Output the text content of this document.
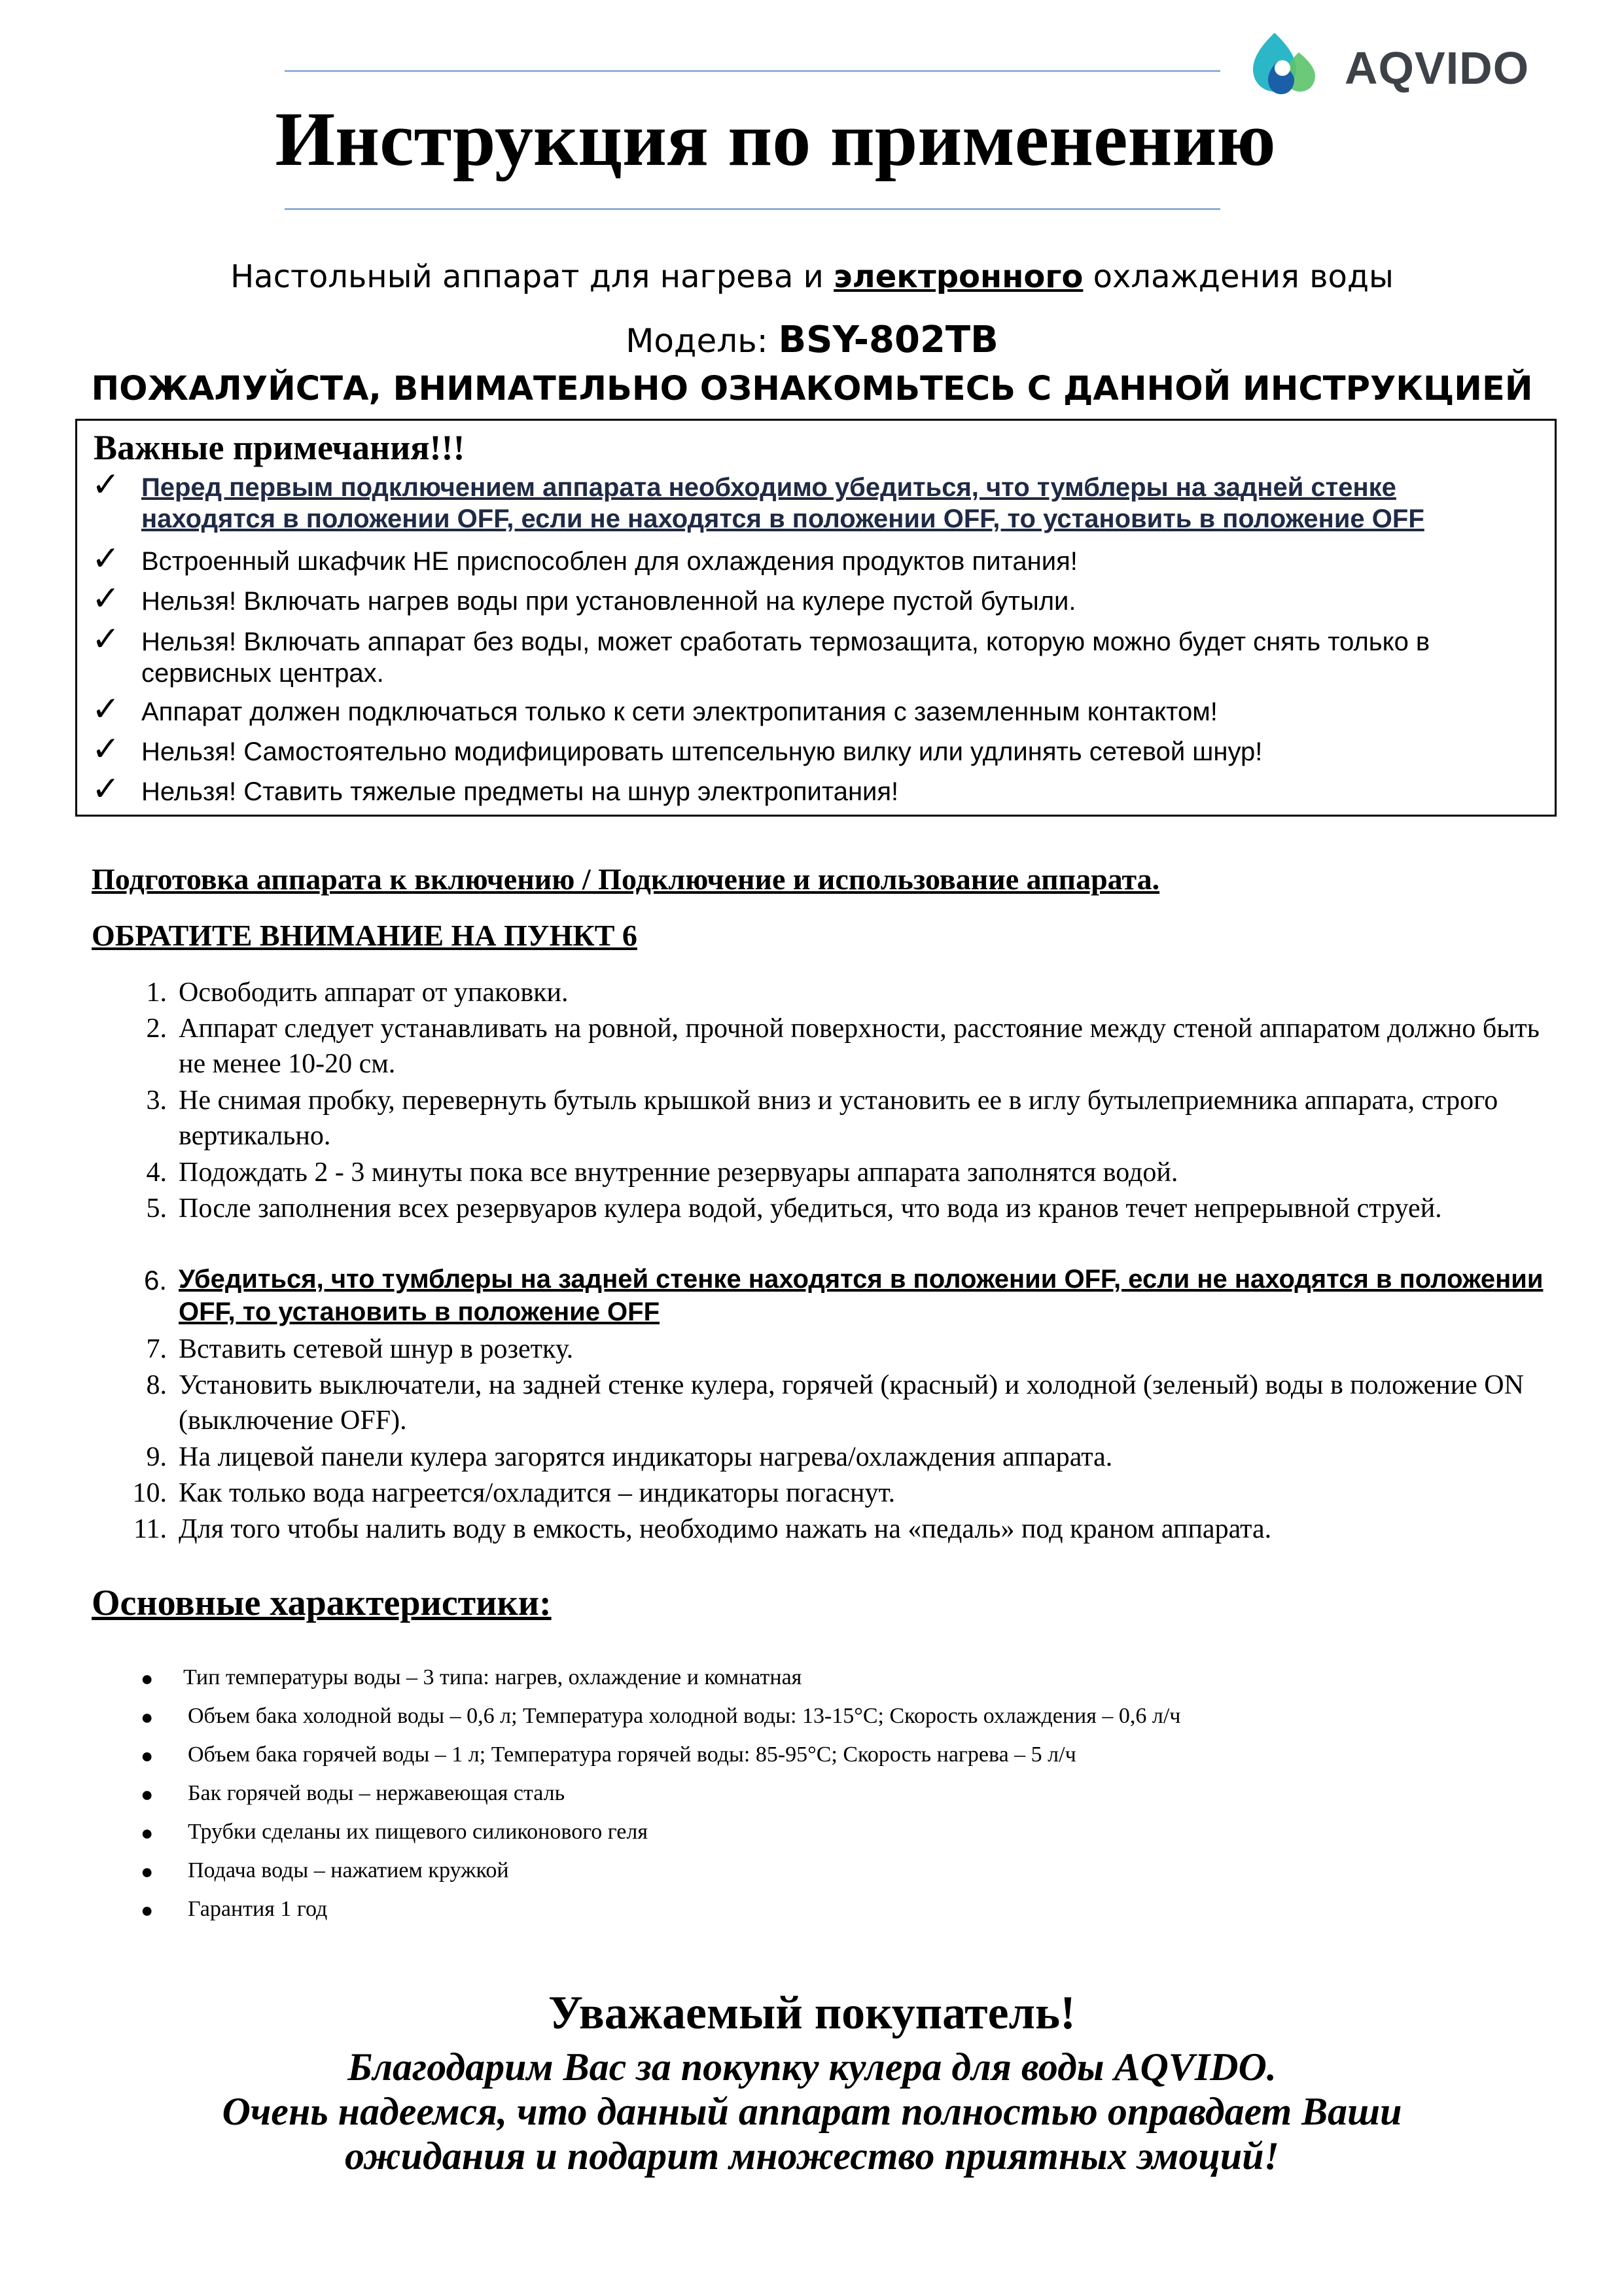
AQVIDO
Инструкция по применению
Настольный аппарат для нагрева и электронного охлаждения воды
Модель: BSY-802TB
ПОЖАЛУЙСТА, ВНИМАТЕЛЬНО ОЗНАКОМЬТЕСЬ С ДАННОЙ ИНСТРУКЦИЕЙ
Важные примечания!!!
✓ Перед первым подключением аппарата необходимо убедиться, что тумблеры на задней стенке находятся в положении OFF, если не находятся в положении OFF, то установить в положение OFF
✓ Встроенный шкафчик НЕ приспособлен для охлаждения продуктов питания!
✓ Нельзя! Включать нагрев воды при установленной на кулере пустой бутыли.
✓ Нельзя! Включать аппарат без воды, может сработать термозащита, которую можно будет снять только в сервисных центрах.
✓ Аппарат должен подключаться только к сети электропитания с заземленным контактом!
✓ Нельзя! Самостоятельно модифицировать штепсельную вилку или удлинять сетевой шнур!
✓ Нельзя! Ставить тяжелые предметы на шнур электропитания!
Подготовка аппарата к включению / Подключение и использование аппарата.
ОБРАТИТЕ ВНИМАНИЕ НА ПУНКТ 6
1. Освободить аппарат от упаковки.
2. Аппарат следует устанавливать на ровной, прочной поверхности, расстояние между стеной аппаратом должно быть не менее 10-20 см.
3. Не снимая пробку, перевернуть бутыль крышкой вниз и установить ее в иглу бутылеприемника аппарата, строго вертикально.
4. Подождать 2 - 3 минуты пока все внутренние резервуары аппарата заполнятся водой.
5. После заполнения всех резервуаров кулера водой, убедиться, что вода из кранов течет непрерывной струей.
6. Убедиться, что тумблеры на задней стенке находятся в положении OFF, если не находятся в положении OFF, то установить в положение OFF
7. Вставить сетевой шнур в розетку.
8. Установить выключатели, на задней стенке кулера, горячей (красный) и холодной (зеленый) воды в положение ON (выключение OFF).
9. На лицевой панели кулера загорятся индикаторы нагрева/охлаждения аппарата.
10. Как только вода нагреется/охладится – индикаторы погаснут.
11. Для того чтобы налить воду в емкость, необходимо нажать на «педаль» под краном аппарата.
Основные характеристики:
● Тип температуры воды – 3 типа: нагрев, охлаждение и комнатная
● Объем бака холодной воды – 0,6 л; Температура холодной воды: 13-15°C; Скорость охлаждения – 0,6 л/ч
● Объем бака горячей воды – 1 л; Температура горячей воды: 85-95°C; Скорость нагрева – 5 л/ч
● Бак горячей воды – нержавеющая сталь
● Трубки сделаны их пищевого силиконового геля
● Подача воды – нажатием кружкой
● Гарантия 1 год
Уважаемый покупатель!
Благодарим Вас за покупку кулера для воды AQVIDO.
Очень надеемся, что данный аппарат полностью оправдает Ваши
ожидания и подарит множество приятных эмоций!
